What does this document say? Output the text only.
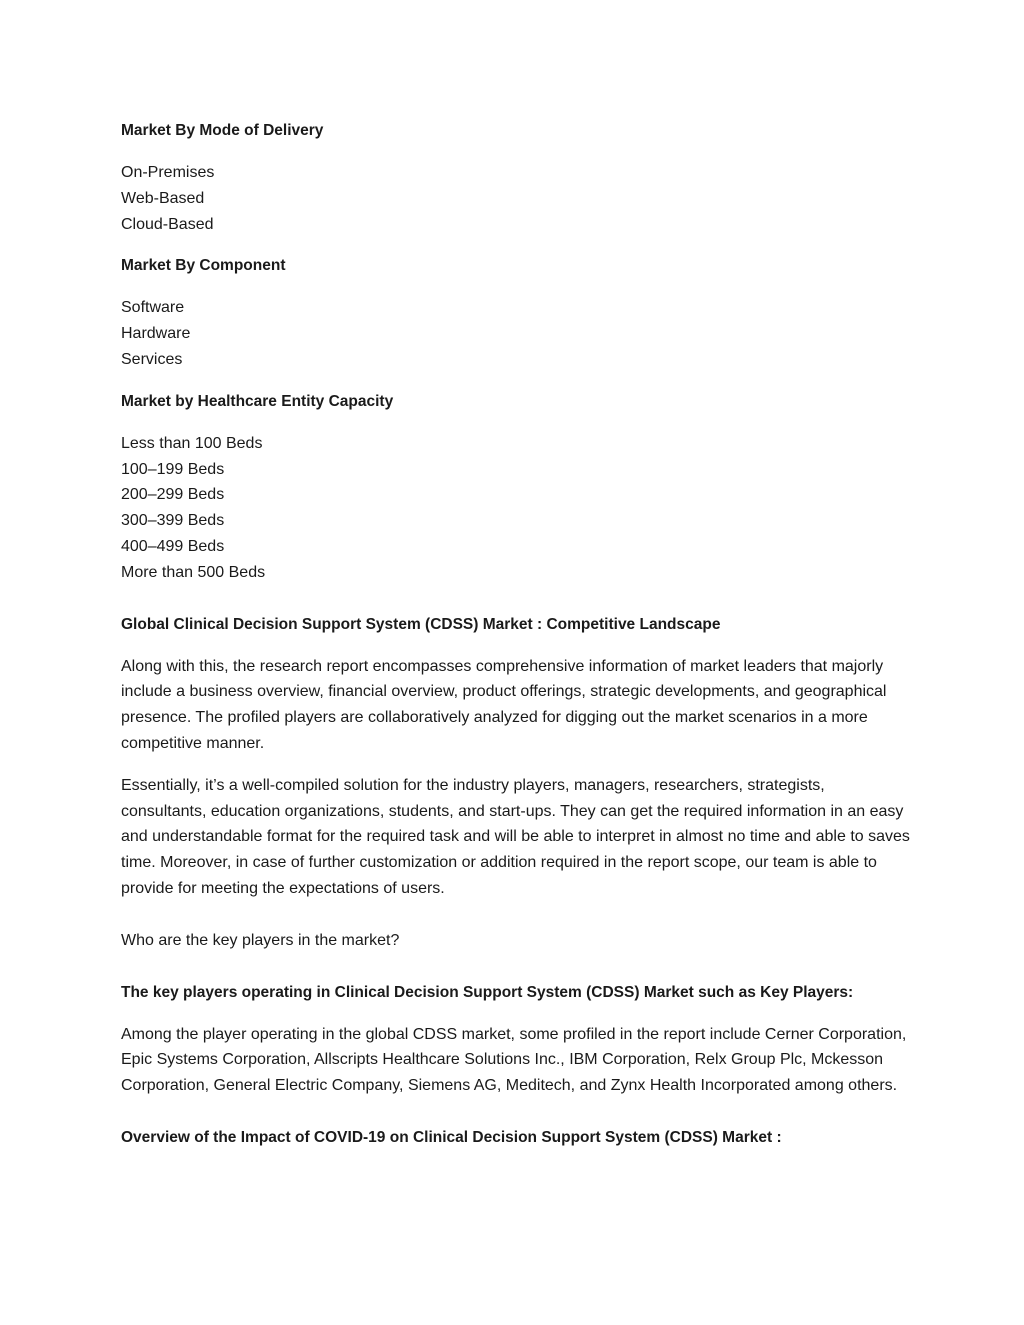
Market By Mode of Delivery

On-Premises
Web-Based
Cloud-Based

Market By Component

Software
Hardware
Services

Market by Healthcare Entity Capacity

Less than 100 Beds
100–199 Beds
200–299 Beds
300–399 Beds
400–499 Beds
More than 500 Beds

Global Clinical Decision Support System (CDSS) Market : Competitive Landscape

Along with this, the research report encompasses comprehensive information of market leaders that majorly include a business overview, financial overview, product offerings, strategic developments, and geographical presence. The profiled players are collaboratively analyzed for digging out the market scenarios in a more competitive manner.

Essentially, it’s a well-compiled solution for the industry players, managers, researchers, strategists, consultants, education organizations, students, and start-ups. They can get the required information in an easy and understandable format for the required task and will be able to interpret in almost no time and able to saves time. Moreover, in case of further customization or addition required in the report scope, our team is able to provide for meeting the expectations of users.

Who are the key players in the market?

The key players operating in Clinical Decision Support System (CDSS) Market such as Key Players:

Among the player operating in the global CDSS market, some profiled in the report include Cerner Corporation, Epic Systems Corporation, Allscripts Healthcare Solutions Inc., IBM Corporation, Relx Group Plc, Mckesson Corporation, General Electric Company, Siemens AG, Meditech, and Zynx Health Incorporated among others.

Overview of the Impact of COVID-19 on Clinical Decision Support System (CDSS) Market :
